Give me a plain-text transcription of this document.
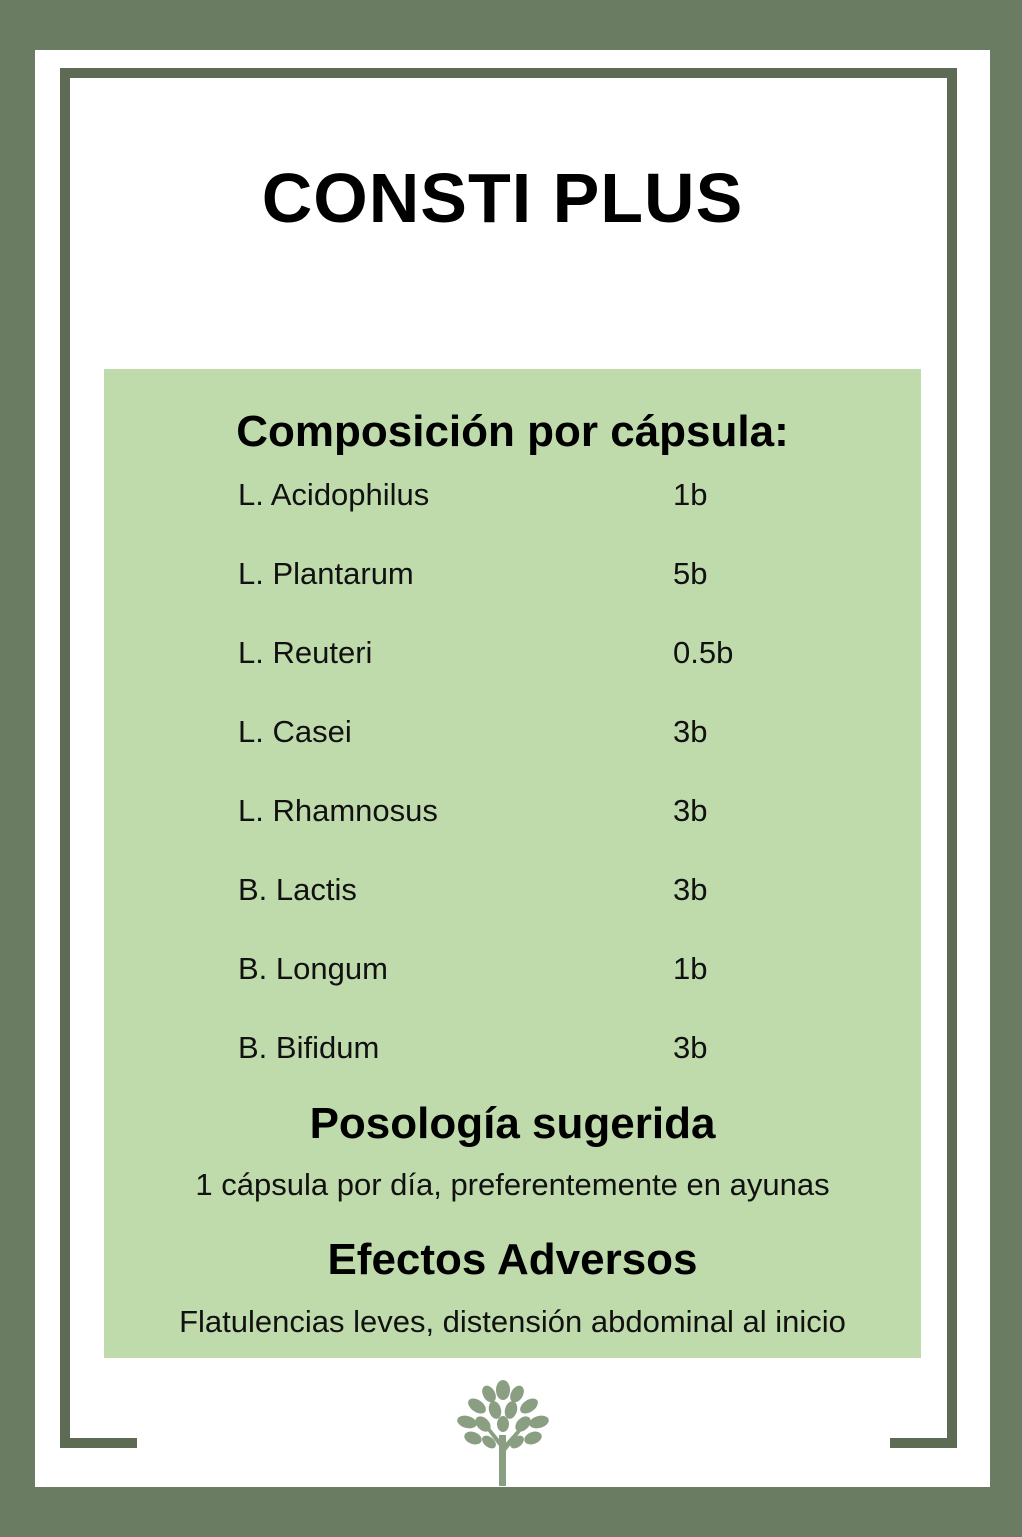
CONSTI PLUS
Composición por cápsula:
L. Acidophilus	1b
L. Plantarum	5b
L. Reuteri	0.5b
L. Casei	3b
L. Rhamnosus	3b
B. Lactis	3b
B. Longum	1b
B. Bifidum	3b
Posología sugerida

1 cápsula por día, preferentemente en ayunas

Efectos Adversos

Flatulencias leves, distensión abdominal al inicio
